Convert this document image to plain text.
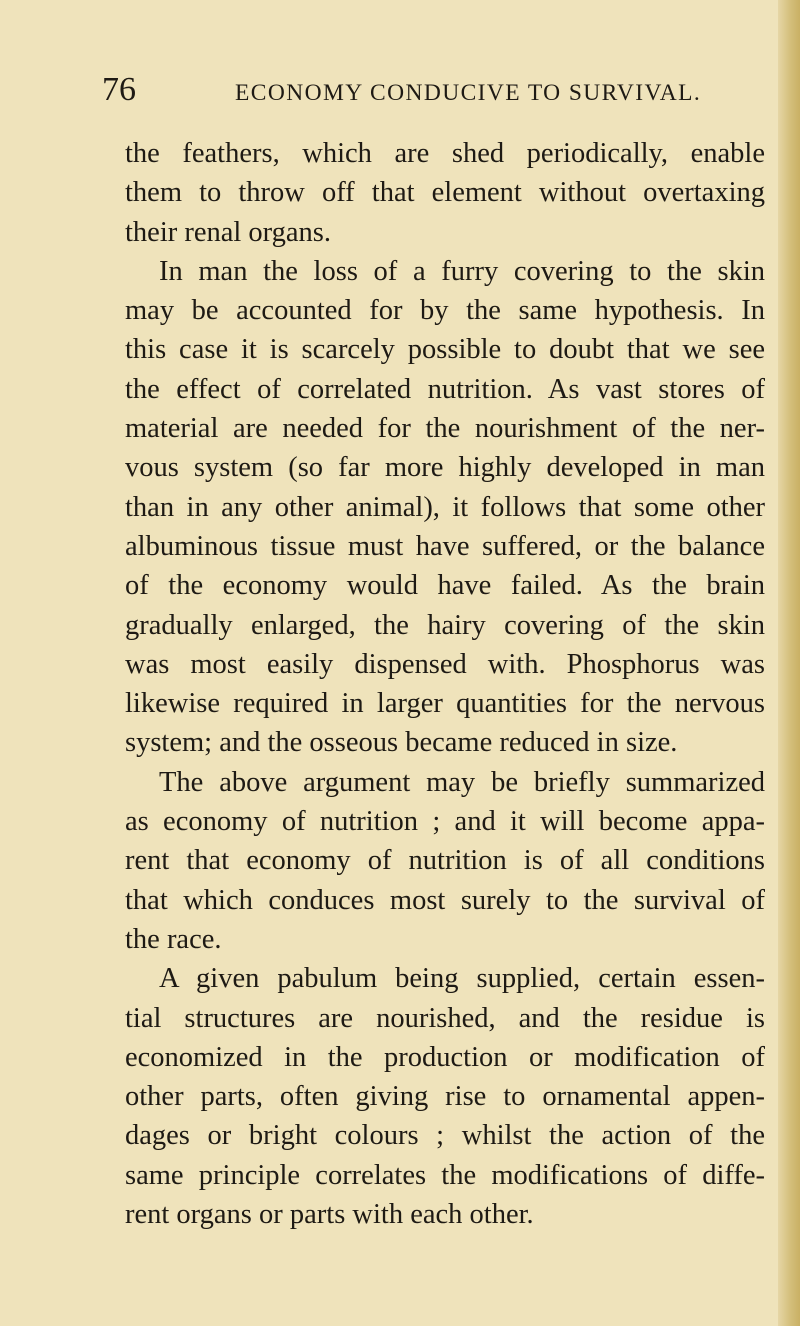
76	ECONOMY CONDUCIVE TO SURVIVAL.
the feathers, which are shed periodically, enable
them to throw off that element without overtaxing
their renal organs.
In man the loss of a furry covering to the skin
may be accounted for by the same hypothesis. In
this case it is scarcely possible to doubt that we see
the effect of correlated nutrition. As vast stores of
material are needed for the nourishment of the ner-
vous system (so far more highly developed in man
than in any other animal), it follows that some other
albuminous tissue must have suffered, or the balance
of the economy would have failed. As the brain
gradually enlarged, the hairy covering of the skin
was most easily dispensed with. Phosphorus was
likewise required in larger quantities for the nervous
system; and the osseous became reduced in size.
The above argument may be briefly summarized
as economy of nutrition ; and it will become appa-
rent that economy of nutrition is of all conditions
that which conduces most surely to the survival of
the race.
A given pabulum being supplied, certain essen-
tial structures are nourished, and the residue is
economized in the production or modification of
other parts, often giving rise to ornamental appen-
dages or bright colours ; whilst the action of the
same principle correlates the modifications of diffe-
rent organs or parts with each other.
